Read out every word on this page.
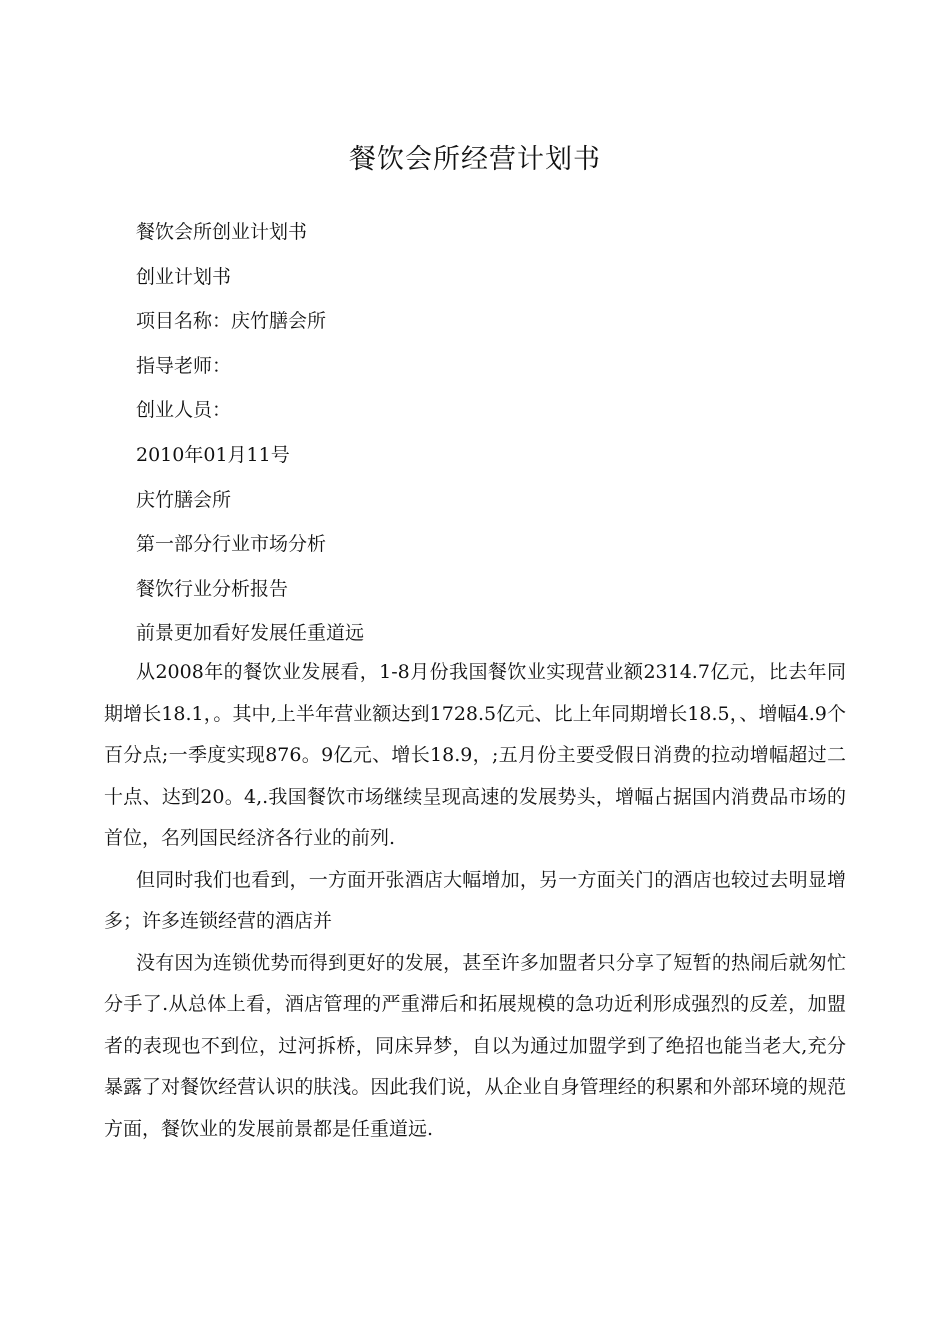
餐饮会所经营计划书
餐饮会所创业计划书
创业计划书
项目名称：庆竹膳会所
指导老师：
创业人员：
2010年01月11号
庆竹膳会所
第一部分行业市场分析
餐饮行业分析报告
前景更加看好发展任重道远

从2008年的餐饮业发展看，1-8月份我国餐饮业实现营业额2314.7亿元，比去年同期增长18.1，。其中,上半年营业额达到1728.5亿元、比上年同期增长18.5，、增幅4.9个百分点;一季度实现876。9亿元、增长18.9，;五月份主要受假日消费的拉动增幅超过二十点、达到20。4,.我国餐饮市场继续呈现高速的发展势头，增幅占据国内消费品市场的首位，名列国民经济各行业的前列.

但同时我们也看到，一方面开张酒店大幅增加，另一方面关门的酒店也较过去明显增多；许多连锁经营的酒店并

没有因为连锁优势而得到更好的发展，甚至许多加盟者只分享了短暂的热闹后就匆忙分手了.从总体上看，酒店管理的严重滞后和拓展规模的急功近利形成强烈的反差，加盟者的表现也不到位，过河拆桥，同床异梦，自以为通过加盟学到了绝招也能当老大,充分暴露了对餐饮经营认识的肤浅。因此我们说，从企业自身管理经的积累和外部环境的规范方面，餐饮业的发展前景都是任重道远.
